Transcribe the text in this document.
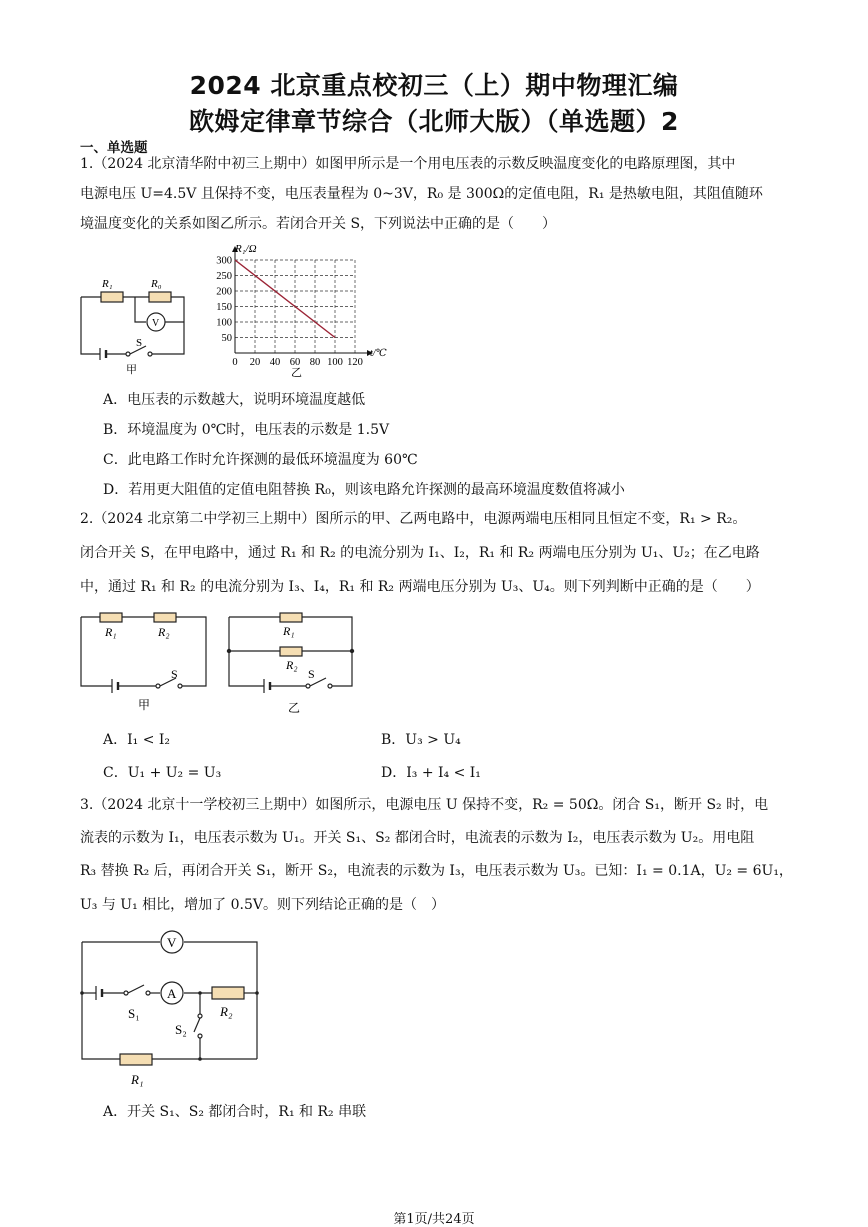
2024 北京重点校初三（上）期中物理汇编
欧姆定律章节综合（北师大版）（单选题）2
一、单选题
1.（2024 北京清华附中初三上期中）如图甲所示是一个用电压表的示数反映温度变化的电路原理图，其中
电源电压 U=4.5V 且保持不变，电压表量程为 0~3V，R₀ 是 300Ω的定值电阻，R₁ 是热敏电阻，其阻值随环
境温度变化的关系如图乙所示。若闭合开关 S，下列说法中正确的是（　　）
R₁	R₀
V
S
甲
50
100
150
200
250
300
0 20 40 60 80 100 120
R₁/Ω
t/℃
乙
A．电压表的示数越大，说明环境温度越低
B．环境温度为 0℃时，电压表的示数是 1.5V
C．此电路工作时允许探测的最低环境温度为 60℃
D．若用更大阻值的定值电阻替换 R₀，则该电路允许探测的最高环境温度数值将减小
2.（2024 北京第二中学初三上期中）图所示的甲、乙两电路中，电源两端电压相同且恒定不变，R₁ > R₂。
闭合开关 S，在甲电路中，通过 R₁ 和 R₂ 的电流分别为 I₁、I₂，R₁ 和 R₂ 两端电压分别为 U₁、U₂；在乙电路
中，通过 R₁ 和 R₂ 的电流分别为 I₃、I₄，R₁ 和 R₂ 两端电压分别为 U₃、U₄。则下列判断中正确的是（　　）
R₁	R₂
S
甲
R₁
R₂
S
乙
A．I₁ < I₂	B．U₃ > U₄
C．U₁ + U₂ = U₃	D．I₃ + I₄ < I₁
3.（2024 北京十一学校初三上期中）如图所示，电源电压 U 保持不变，R₂ = 50Ω。闭合 S₁，断开 S₂ 时，电
流表的示数为 I₁，电压表示数为 U₁。开关 S₁、S₂ 都闭合时，电流表的示数为 I₂，电压表示数为 U₂。用电阻
R₃ 替换 R₂ 后，再闭合开关 S₁，断开 S₂，电流表的示数为 I₃，电压表示数为 U₃。已知：I₁ = 0.1A，U₂ = 6U₁，
U₃ 与 U₁ 相比，增加了 0.5V。则下列结论正确的是（　）
V
A
S₁
S₂
R₂
R₁
A．开关 S₁、S₂ 都闭合时，R₁ 和 R₂ 串联
第1页/共24页
